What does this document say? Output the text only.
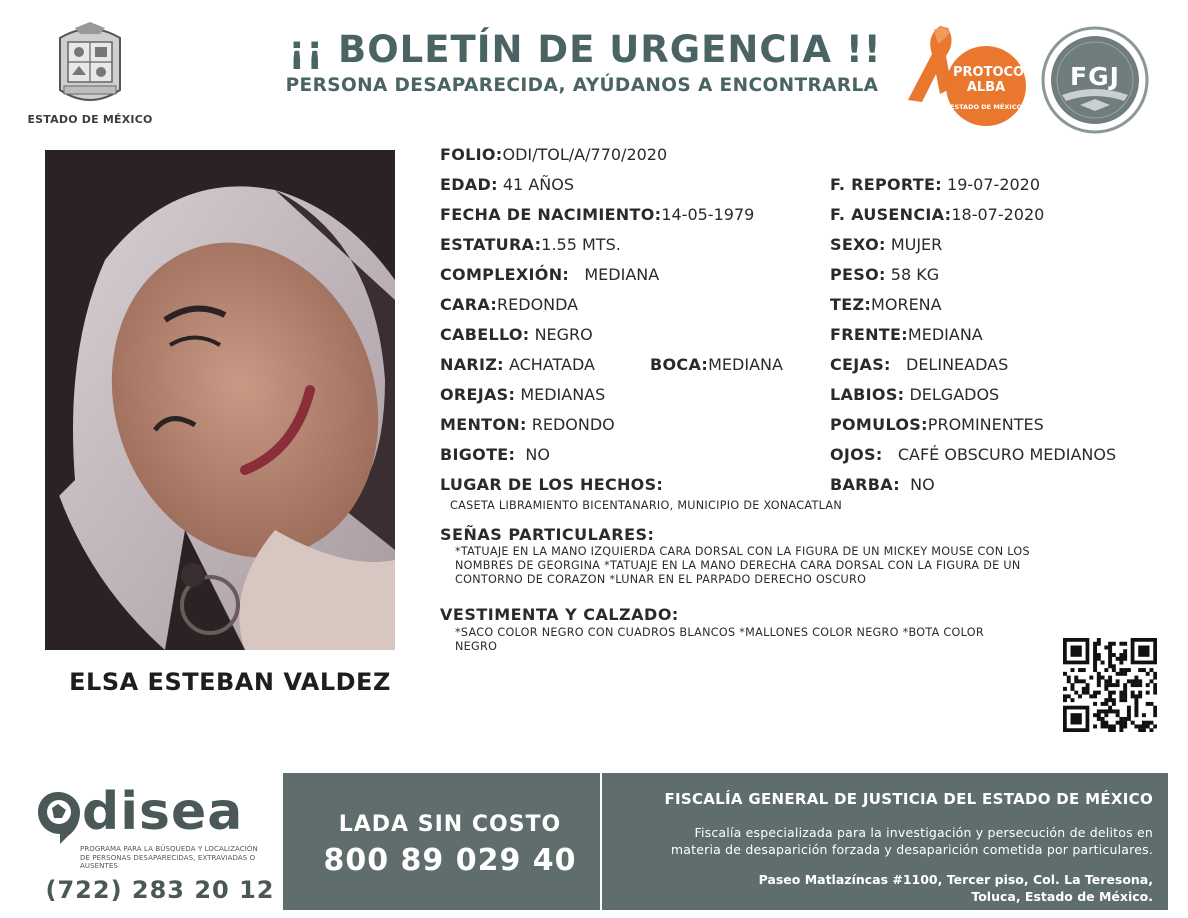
ESTADO DE MÉXICO
¡¡ BOLETÍN DE URGENCIA !!
PERSONA DESAPARECIDA, AYÚDANOS A ENCONTRARLA
PROTOCOLO
ALBA
ESTADO DE MÉXICO
FGJ
ELSA ESTEBAN VALDEZ
FOLIO:ODI/TOL/A/770/2020
EDAD: 41 AÑOS
FECHA DE NACIMIENTO:14-05-1979
ESTATURA:1.55 MTS.
COMPLEXIÓN: MEDIANA
CARA:REDONDA
CABELLO: NEGRO
NARIZ: ACHATADA	BOCA:MEDIANA
OREJAS: MEDIANAS
MENTON: REDONDO
BIGOTE: NO
LUGAR DE LOS HECHOS:
CASETA LIBRAMIENTO BICENTANARIO, MUNICIPIO DE XONACATLAN
F. REPORTE: 19-07-2020
F. AUSENCIA:18-07-2020
SEXO: MUJER
PESO: 58 KG
TEZ:MORENA
FRENTE:MEDIANA
CEJAS: DELINEADAS
LABIOS: DELGADOS
POMULOS:PROMINENTES
OJOS: CAFÉ OBSCURO MEDIANOS
BARBA: NO
SEÑAS PARTICULARES:
*TATUAJE EN LA MANO IZQUIERDA CARA DORSAL CON LA FIGURA DE UN MICKEY MOUSE CON LOS
NOMBRES DE GEORGINA *TATUAJE EN LA MANO DERECHA CARA DORSAL CON LA FIGURA DE UN
CONTORNO DE CORAZON *LUNAR EN EL PARPADO DERECHO OSCURO
VESTIMENTA Y CALZADO:
*SACO COLOR NEGRO CON CUADROS BLANCOS *MALLONES COLOR NEGRO *BOTA COLOR
NEGRO
disea
PROGRAMA PARA LA BÚSQUEDA Y LOCALIZACIÓN
DE PERSONAS DESAPARECIDAS, EXTRAVIADAS O
AUSENTES
(722) 283 20 12
LADA SIN COSTO
800 89 029 40
FISCALÍA GENERAL DE JUSTICIA DEL ESTADO DE MÉXICO
Fiscalía especializada para la investigación y persecución de delitos en
materia de desaparición forzada y desaparición cometida por particulares.
Paseo Matlazíncas #1100, Tercer piso, Col. La Teresona,
Toluca, Estado de México.
